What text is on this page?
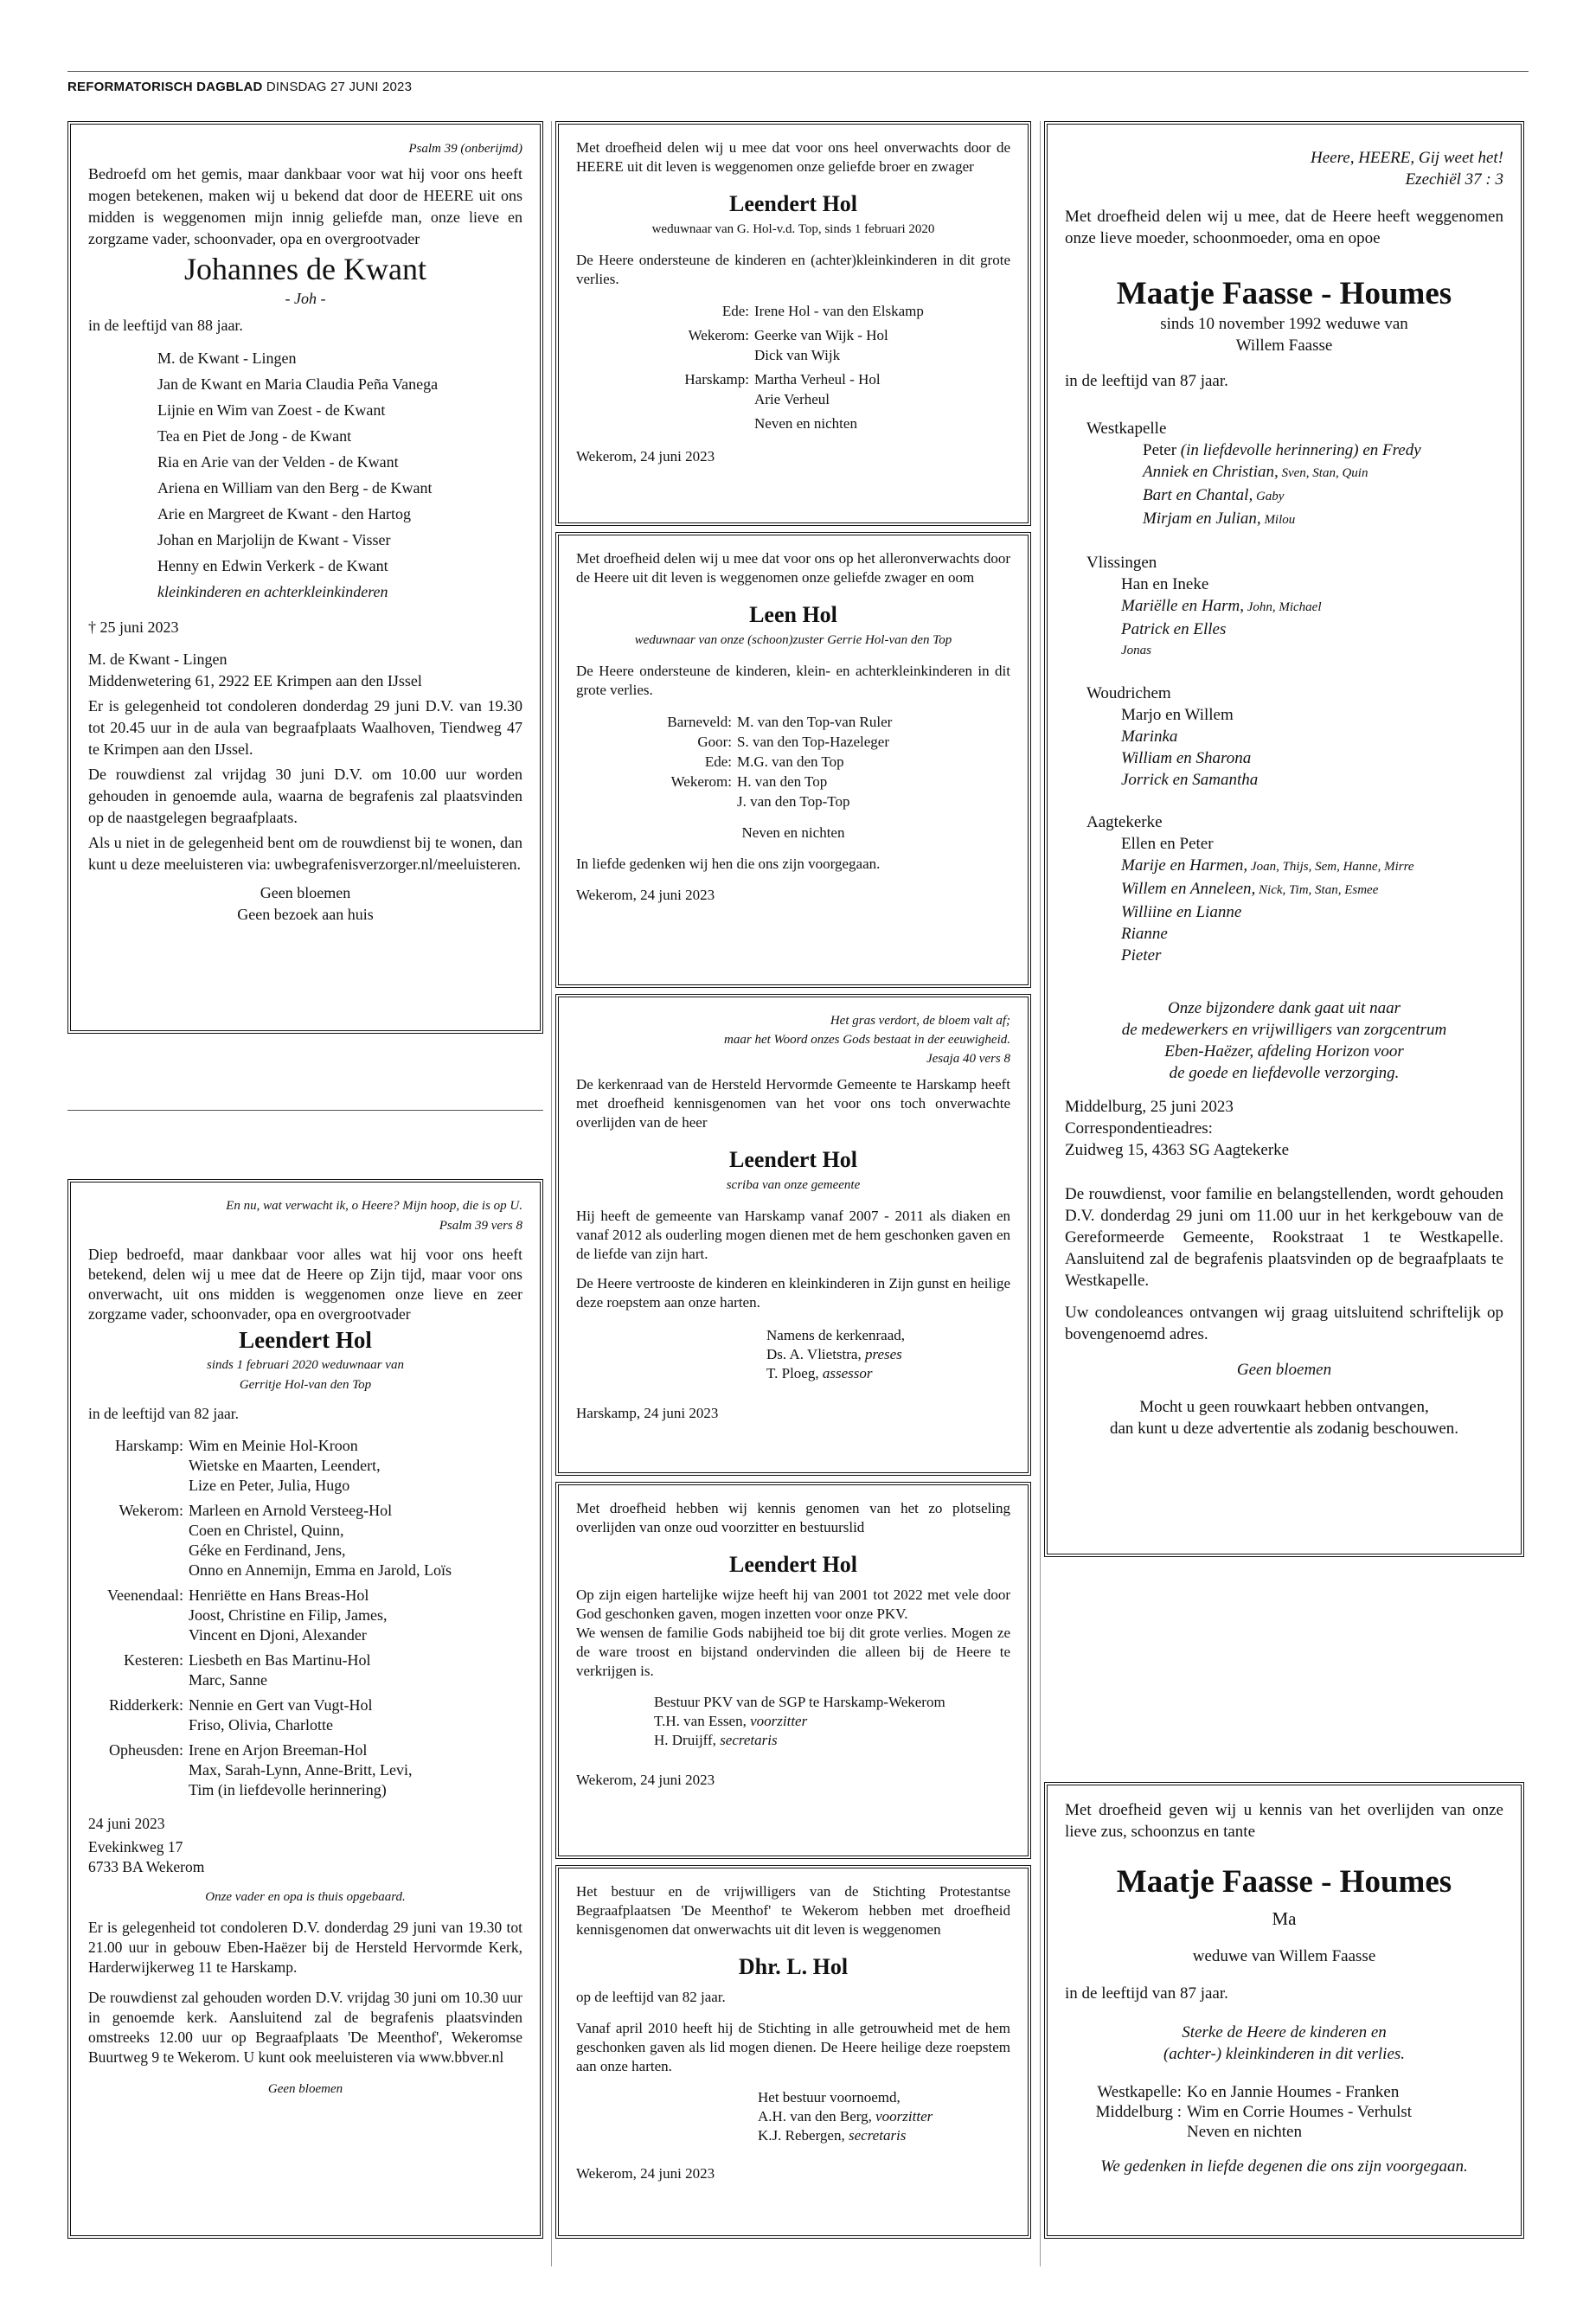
REFORMATORISCH DAGBLAD DINSDAG 27 JUNI 2023

Psalm 39 (onberijmd)

Bedroefd om het gemis, maar dankbaar voor wat hij voor ons heeft mogen betekenen, maken wij u bekend dat door de HEERE uit ons midden is weggenomen mijn innig geliefde man, onze lieve en zorgzame vader, schoonvader, opa en overgrootvader

Johannes de Kwant

- Joh -

in de leeftijd van 88 jaar.

M. de Kwant - Lingen

Jan de Kwant en Maria Claudia Peña Vanega

Lijnie en Wim van Zoest - de Kwant

Tea en Piet de Jong - de Kwant

Ria en Arie van der Velden - de Kwant

Ariena en William van den Berg - de Kwant

Arie en Margreet de Kwant - den Hartog

Johan en Marjolijn de Kwant - Visser

Henny en Edwin Verkerk - de Kwant

kleinkinderen en achterkleinkinderen

† 25 juni 2023

M. de Kwant - Lingen

Middenwetering 61, 2922 EE Krimpen aan den IJssel

Er is gelegenheid tot condoleren donderdag 29 juni D.V. van 19.30 tot 20.45 uur in de aula van begraafplaats Waalhoven, Tiendweg 47 te Krimpen aan den IJssel.

De rouwdienst zal vrijdag 30 juni D.V. om 10.00 uur worden gehouden in genoemde aula, waarna de begrafenis zal plaatsvinden op de naastgelegen begraafplaats.

Als u niet in de gelegenheid bent om de rouwdienst bij te wonen, dan kunt u deze meeluisteren via: uwbegrafenisverzorger.nl/meeluisteren.

Geen bloemen

Geen bezoek aan huis

En nu, wat verwacht ik, o Heere? Mijn hoop, die is op U.

Psalm 39 vers 8

Diep bedroefd, maar dankbaar voor alles wat hij voor ons heeft betekend, delen wij u mee dat de Heere op Zijn tijd, maar voor ons onverwacht, uit ons midden is weggenomen onze lieve en zeer zorgzame vader, schoonvader, opa en overgrootvader

Leendert Hol

sinds 1 februari 2020 weduwnaar van

Gerritje Hol-van den Top

in de leeftijd van 82 jaar.

Harskamp:	Wim en Meinie Hol-Kroon
	Wietske en Maarten, Leendert,
	Lize en Peter, Julia, Hugo
Wekerom:	Marleen en Arnold Versteeg-Hol
	Coen en Christel, Quinn,
	Géke en Ferdinand, Jens,
	Onno en Annemijn, Emma en Jarold, Loïs
Veenendaal:	Henriëtte en Hans Breas-Hol
	Joost, Christine en Filip, James,
	Vincent en Djoni, Alexander
Kesteren:	Liesbeth en Bas Martinu-Hol
	Marc, Sanne
Ridderkerk:	Nennie en Gert van Vugt-Hol
	Friso, Olivia, Charlotte
Opheusden:	Irene en Arjon Breeman-Hol
	Max, Sarah-Lynn, Anne-Britt, Levi,
	Tim (in liefdevolle herinnering)

24 juni 2023

Evekinkweg 17

6733 BA Wekerom

Onze vader en opa is thuis opgebaard.

Er is gelegenheid tot condoleren D.V. donderdag 29 juni van 19.30 tot 21.00 uur in gebouw Eben-Haëzer bij de Hersteld Hervormde Kerk, Harderwijkerweg 11 te Harskamp.

De rouwdienst zal gehouden worden D.V. vrijdag 30 juni om 10.30 uur in genoemde kerk. Aansluitend zal de begrafenis plaatsvinden omstreeks 12.00 uur op Begraafplaats 'De Meenthof', Wekeromse Buurtweg 9 te Wekerom. U kunt ook meeluisteren via www.bbver.nl

Geen bloemen

Met droefheid delen wij u mee dat voor ons heel onverwachts door de HEERE uit dit leven is weggenomen onze geliefde broer en zwager

Leendert Hol

weduwnaar van G. Hol-v.d. Top, sinds 1 februari 2020

De Heere ondersteune de kinderen en (achter)kleinkinderen in dit grote verlies.

Ede:	Irene Hol - van den Elskamp
Wekerom:	Geerke van Wijk - Hol
	Dick van Wijk
Harskamp:	Martha Verheul - Hol
	Arie Verheul
	Neven en nichten

Wekerom, 24 juni 2023

Met droefheid delen wij u mee dat voor ons op het alleronverwachts door de Heere uit dit leven is weggenomen onze geliefde zwager en oom

Leen Hol

weduwnaar van onze (schoon)zuster Gerrie Hol-van den Top

De Heere ondersteune de kinderen, klein- en achterkleinkinderen in dit grote verlies.

Barneveld:	M. van den Top-van Ruler
Goor:	S. van den Top-Hazeleger
Ede:	M.G. van den Top
Wekerom:	H. van den Top
	J. van den Top-Top

Neven en nichten

In liefde gedenken wij hen die ons zijn voorgegaan.

Wekerom, 24 juni 2023

Het gras verdort, de bloem valt af;

maar het Woord onzes Gods bestaat in der eeuwigheid.

Jesaja 40 vers 8

De kerkenraad van de Hersteld Hervormde Gemeente te Harskamp heeft met droefheid kennisgenomen van het voor ons toch onverwachte overlijden van de heer

Leendert Hol

scriba van onze gemeente

Hij heeft de gemeente van Harskamp vanaf 2007 - 2011 als diaken en vanaf 2012 als ouderling mogen dienen met de hem geschonken gaven en de liefde van zijn hart.

De Heere vertrooste de kinderen en kleinkinderen in Zijn gunst en heilige deze roepstem aan onze harten.

Namens de kerkenraad,

Ds. A. Vlietstra, preses

T. Ploeg, assessor

Harskamp, 24 juni 2023

Met droefheid hebben wij kennis genomen van het zo plotseling overlijden van onze oud voorzitter en bestuurslid

Leendert Hol

Op zijn eigen hartelijke wijze heeft hij van 2001 tot 2022 met vele door God geschonken gaven, mogen inzetten voor onze PKV.

We wensen de familie Gods nabijheid toe bij dit grote verlies. Mogen ze de ware troost en bijstand ondervinden die alleen bij de Heere te verkrijgen is.

Bestuur PKV van de SGP te Harskamp-Wekerom

T.H. van Essen, voorzitter

H. Druijff, secretaris

Wekerom, 24 juni 2023

Het bestuur en de vrijwilligers van de Stichting Protestantse Begraafplaatsen 'De Meenthof' te Wekerom hebben met droefheid kennisgenomen dat onwerwachts uit dit leven is weggenomen

Dhr. L. Hol

op de leeftijd van 82 jaar.

Vanaf april 2010 heeft hij de Stichting in alle getrouwheid met de hem geschonken gaven als lid mogen dienen. De Heere heilige deze roepstem aan onze harten.

Het bestuur voornoemd,

A.H. van den Berg, voorzitter

K.J. Rebergen, secretaris

Wekerom, 24 juni 2023

Heere, HEERE, Gij weet het!

Ezechiël 37 : 3

Met droefheid delen wij u mee, dat de Heere heeft weggenomen onze lieve moeder, schoonmoeder, oma en opoe

Maatje Faasse - Houmes

sinds 10 november 1992 weduwe van

Willem Faasse

in de leeftijd van 87 jaar.

Westkapelle

Peter (in liefdevolle herinnering) en Fredy

Anniek en Christian, Sven, Stan, Quin

Bart en Chantal, Gaby

Mirjam en Julian, Milou

Vlissingen

Han en Ineke

Mariëlle en Harm, John, Michael

Patrick en Elles

Jonas

Woudrichem

Marjo en Willem

Marinka

William en Sharona

Jorrick en Samantha

Aagtekerke

Ellen en Peter

Marije en Harmen, Joan, Thijs, Sem, Hanne, Mirre

Willem en Anneleen, Nick, Tim, Stan, Esmee

Williine en Lianne

Rianne

Pieter

Onze bijzondere dank gaat uit naar

de medewerkers en vrijwilligers van zorgcentrum

Eben-Haëzer, afdeling Horizon voor

de goede en liefdevolle verzorging.

Middelburg, 25 juni 2023

Correspondentieadres:

Zuidweg 15, 4363 SG Aagtekerke

De rouwdienst, voor familie en belangstellenden, wordt gehouden D.V. donderdag 29 juni om 11.00 uur in het kerkgebouw van de Gereformeerde Gemeente, Rookstraat 1 te Westkapelle. Aansluitend zal de begrafenis plaatsvinden op de begraafplaats te Westkapelle.

Uw condoleances ontvangen wij graag uitsluitend schriftelijk op bovengenoemd adres.

Geen bloemen

Mocht u geen rouwkaart hebben ontvangen,

dan kunt u deze advertentie als zodanig beschouwen.

Met droefheid geven wij u kennis van het overlijden van onze lieve zus, schoonzus en tante

Maatje Faasse - Houmes

Ma

weduwe van Willem Faasse

in de leeftijd van 87 jaar.

Sterke de Heere de kinderen en

(achter-) kleinkinderen in dit verlies.

Westkapelle:	Ko en Jannie Houmes - Franken
Middelburg :	Wim en Corrie Houmes - Verhulst
	Neven en nichten

We gedenken in liefde degenen die ons zijn voorgegaan.
